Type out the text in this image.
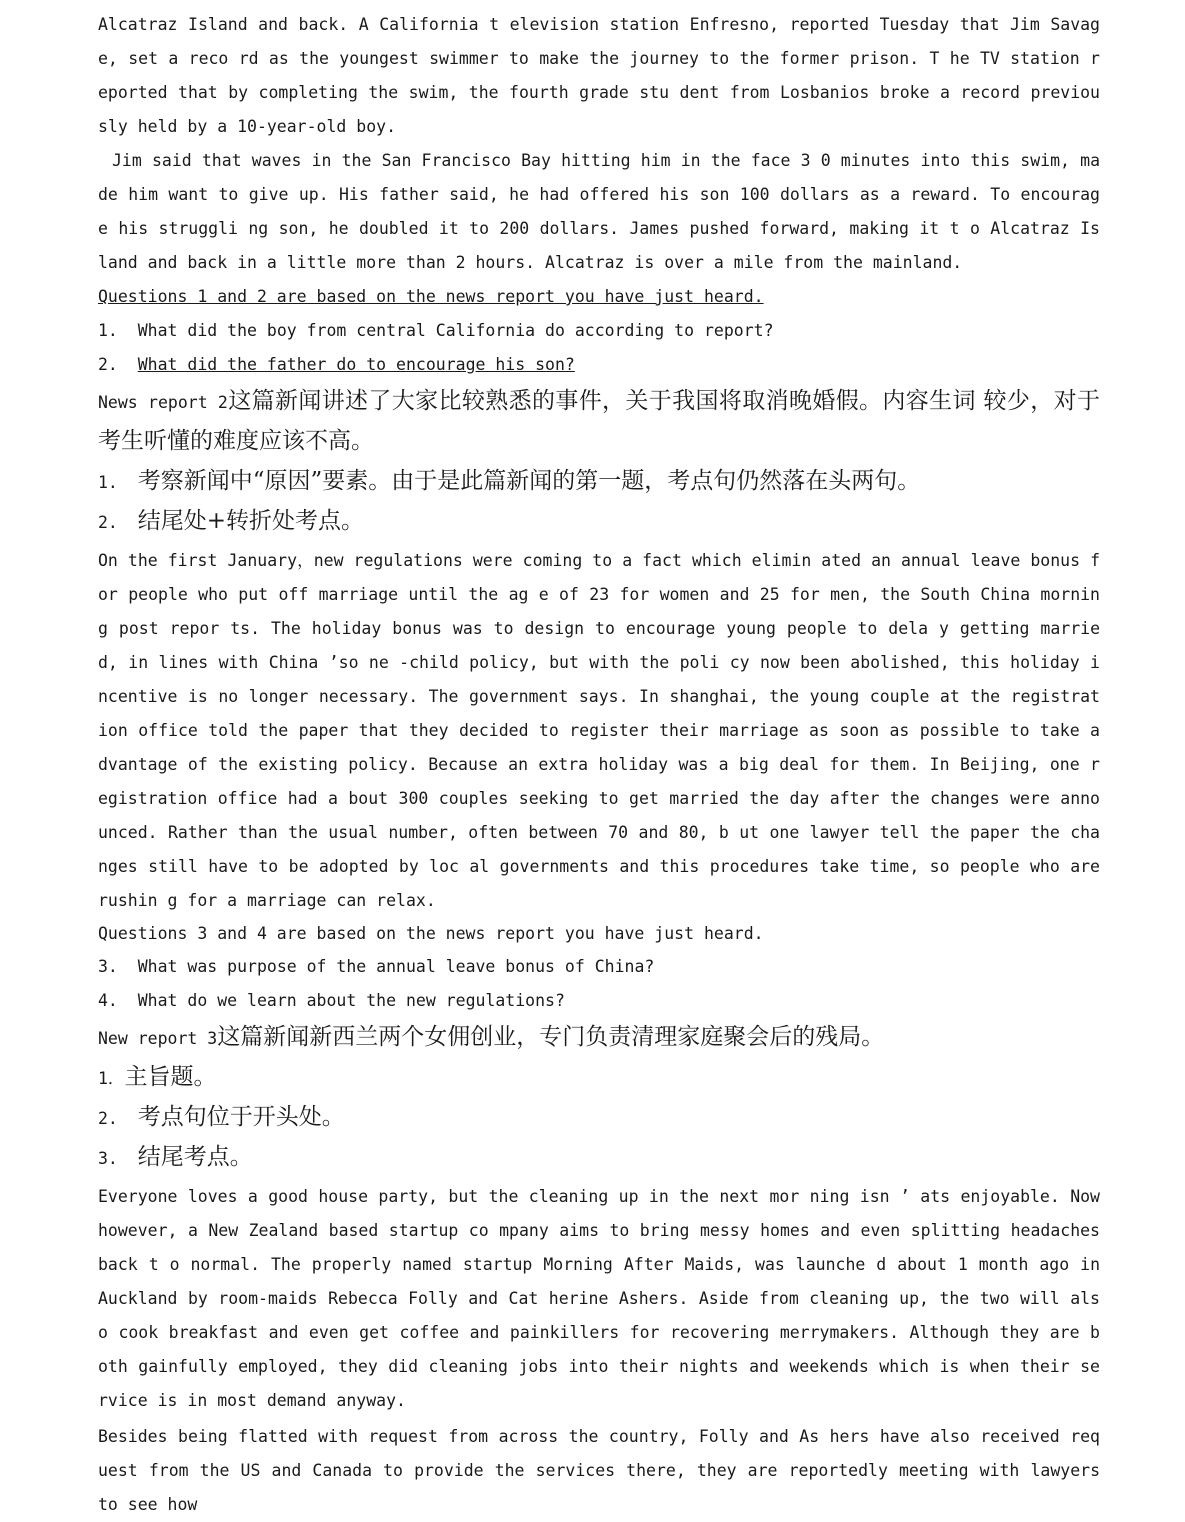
Alcatraz Island and back. A California t elevision station Enfresno, reported Tuesday that Jim Savage, set a reco rd as the youngest swimmer to make the journey to the former prison. T he TV station reported that by completing the swim, the fourth grade stu dent from Losbanios broke a record previously held by a 10-year-old boy.

Jim said that waves in the San Francisco Bay hitting him in the face 3 0 minutes into this swim, made him want to give up. His father said, he had offered his son 100 dollars as a reward. To encourage his struggli ng son, he doubled it to 200 dollars. James pushed forward, making it t o Alcatraz Island and back in a little more than 2 hours. Alcatraz is over a mile from the mainland.

Questions 1 and 2 are based on the news report you have just heard.

1. What did the boy from central California do according to report?

2. What did the father do to encourage his son?

News report 2这篇新闻讲述了大家比较熟悉的事件，关于我国将取消晚婚假。内容生词 较少，对于考生听懂的难度应该不高。

1. 考察新闻中“原因”要素。由于是此篇新闻的第一题，考点句仍然落在头两句。

2. 结尾处+转折处考点。

On the first January，new regulations were coming to a fact which elimin ated an annual leave bonus for people who put off marriage until the ag e of 23 for women and 25 for men, the South China morning post repor ts. The holiday bonus was to design to encourage young people to dela y getting married, in lines with China ’so ne -child policy, but with the poli cy now been abolished, this holiday incentive is no longer necessary. The government says. In shanghai, the young couple at the registration office told the paper that they decided to register their marriage as soon as possible to take advantage of the existing policy. Because an extra holiday was a big deal for them. In Beijing, one registration office had a bout 300 couples seeking to get married the day after the changes were announced. Rather than the usual number, often between 70 and 80, b ut one lawyer tell the paper the changes still have to be adopted by loc al governments and this procedures take time, so people who are rushin g for a marriage can relax.

Questions 3 and 4 are based on the news report you have just heard.

3. What was purpose of the annual leave bonus of China?

4. What do we learn about the new regulations?

New report 3这篇新闻新西兰两个女佣创业，专门负责清理家庭聚会后的残局。

1．主旨题。

2. 考点句位于开头处。

3. 结尾考点。

Everyone loves a good house party, but the cleaning up in the next mor ning isn ’ ats enjoyable. Now however, a New Zealand based startup co mpany aims to bring messy homes and even splitting headaches back t o normal. The properly named startup Morning After Maids, was launche d about 1 month ago in Auckland by room-maids Rebecca Folly and Cat herine Ashers. Aside from cleaning up, the two will also cook breakfast and even get coffee and painkillers for recovering merrymakers. Although they are both gainfully employed, they did cleaning jobs into their nights and weekends which is when their service is in most demand anyway.

Besides being flatted with request from across the country, Folly and As hers have also received request from the US and Canada to provide the services there, they are reportedly meeting with lawyers to see how
